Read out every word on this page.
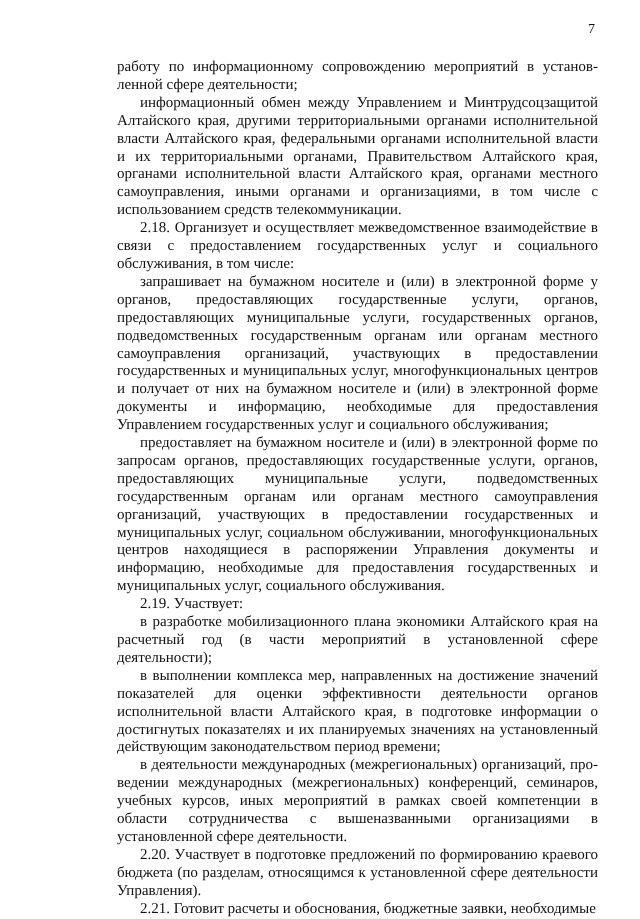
7

работу по информационному сопровождению мероприятий в установленной сфере деятельности;

информационный обмен между Управлением и Минтрудсоцзащитой Алтайского края, другими территориальными органами исполнительной власти Алтайского края, федеральными органами исполнительной власти и их территориальными органами, Правительством Алтайского края, органами исполнительной власти Алтайского края, органами местного самоуправления, иными органами и организациями, в том числе с использованием средств телекоммуникации.

2.18. Организует и осуществляет межведомственное взаимодействие в связи с предоставлением государственных услуг и социального обслуживания, в том числе:

запрашивает на бумажном носителе и (или) в электронной форме у органов, предоставляющих государственные услуги, органов, предоставляющих муниципальные услуги, государственных органов, подведомственных государственным органам или органам местного самоуправления организаций, участвующих в предоставлении государственных и муниципальных услуг, многофункциональных центров и получает от них на бумажном носителе и (или) в электронной форме документы и информацию, необходимые для предоставления Управлением государственных услуг и социального обслуживания;

предоставляет на бумажном носителе и (или) в электронной форме по запросам органов, предоставляющих государственные услуги, органов, предоставляющих муниципальные услуги, подведомственных государственным органам или органам местного самоуправления организаций, участвующих в предоставлении государственных и муниципальных услуг, социальном обслуживании, многофункциональных центров находящиеся в распоряжении Управления документы и информацию, необходимые для предоставления государственных и муниципальных услуг, социального обслуживания.

2.19. Участвует:

в разработке мобилизационного плана экономики Алтайского края на расчетный год (в части мероприятий в установленной сфере деятельности);

в выполнении комплекса мер, направленных на достижение значений показателей для оценки эффективности деятельности органов исполнительной власти Алтайского края, в подготовке информации о достигнутых показателях и их планируемых значениях на установленный действующим законодательством период времени;

в деятельности международных (межрегиональных) организаций, проведении международных (межрегиональных) конференций, семинаров, учебных курсов, иных мероприятий в рамках своей компетенции в области сотрудничества с вышеназванными организациями в установленной сфере деятельности.

2.20. Участвует в подготовке предложений по формированию краевого бюджета (по разделам, относящимся к установленной сфере деятельности Управления).

2.21. Готовит расчеты и обоснования, бюджетные заявки, необходимые
